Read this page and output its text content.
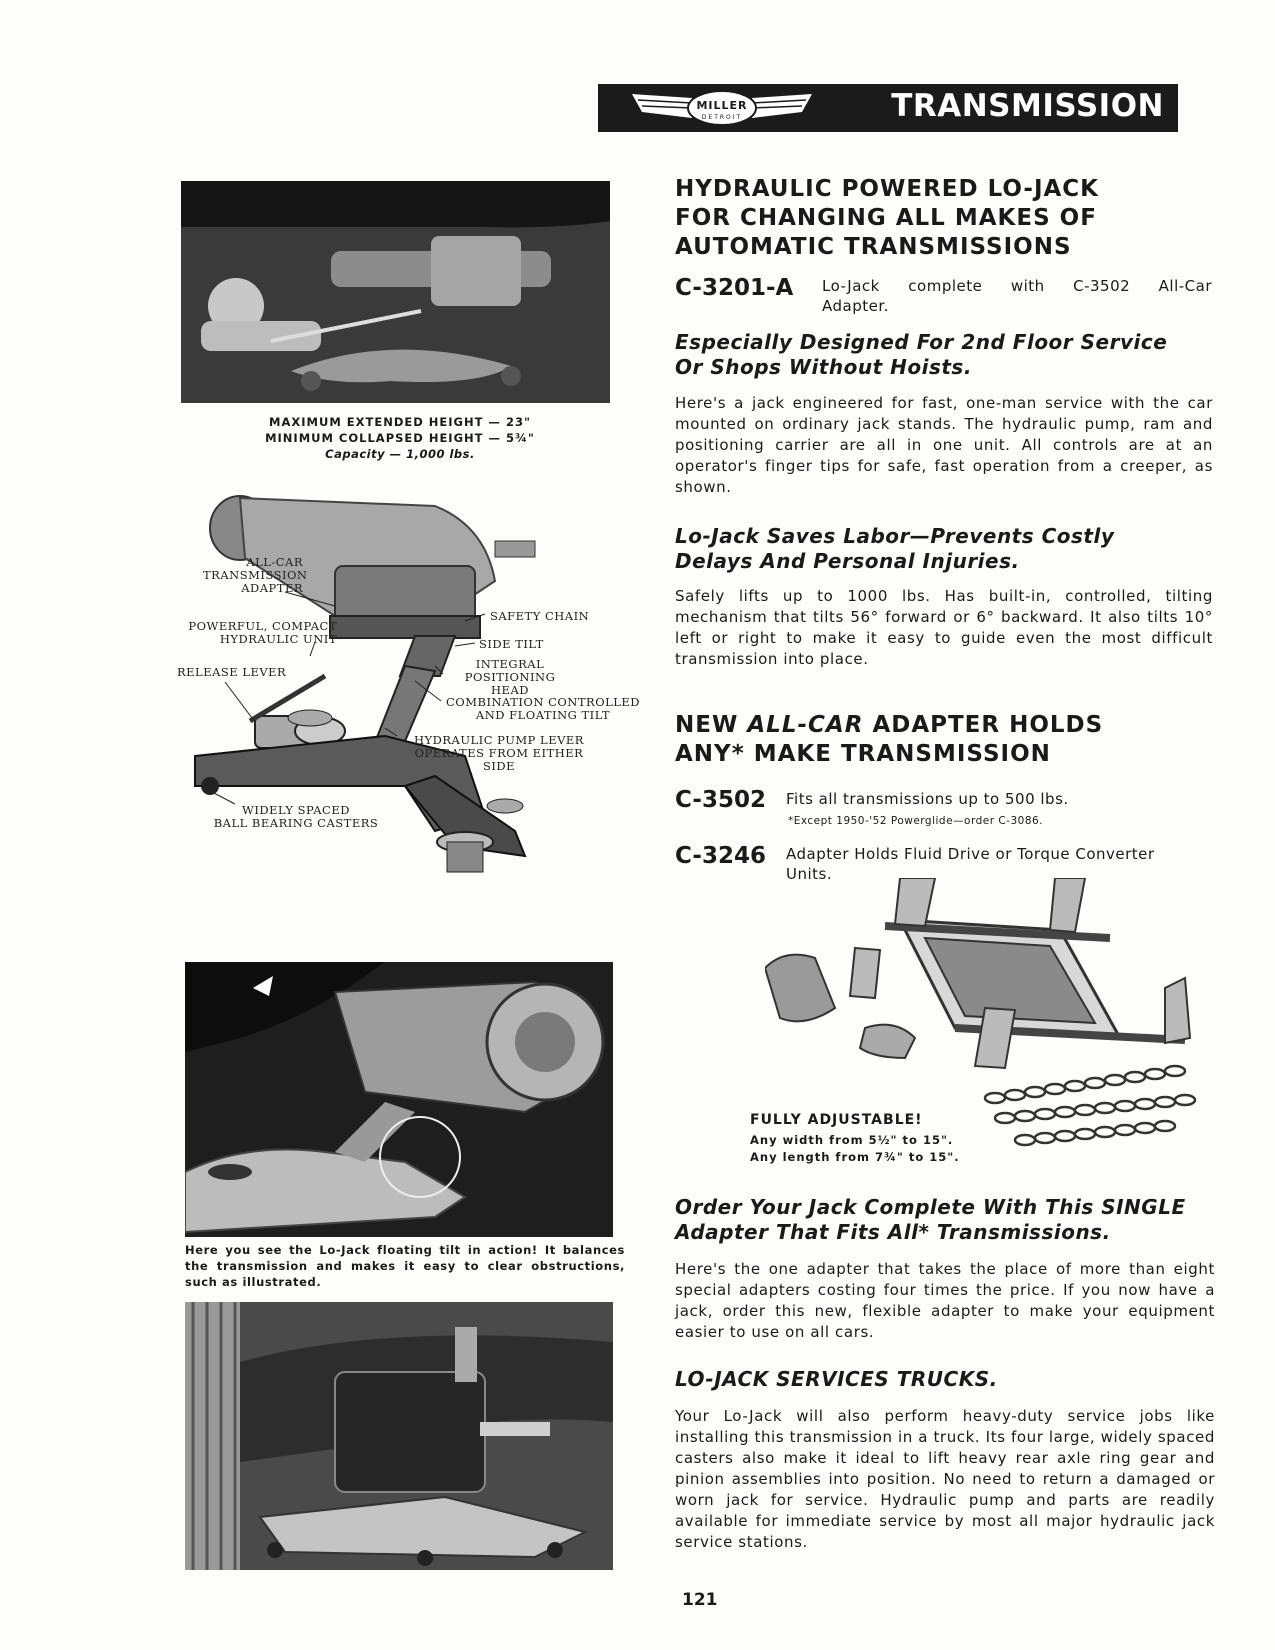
MILLER
DETROIT	TRANSMISSION
MAXIMUM EXTENDED HEIGHT — 23"
MINIMUM COLLAPSED HEIGHT — 5¾"
Capacity — 1,000 lbs.
ALL-CAR
TRANSMISSION
ADAPTER
POWERFUL, COMPACT
HYDRAULIC UNIT
RELEASE LEVER
WIDELY SPACED
BALL BEARING CASTERS
SAFETY CHAIN
SIDE TILT
INTEGRAL
POSITIONING HEAD
COMBINATION CONTROLLED
AND FLOATING TILT
HYDRAULIC PUMP LEVER
OPERATES FROM EITHER SIDE
Here you see the Lo-Jack floating tilt in action! It balances the transmission and makes it easy to clear obstructions, such as illustrated.
HYDRAULIC POWERED LO-JACK
FOR CHANGING ALL MAKES OF
AUTOMATIC TRANSMISSIONS
C-3201-A Lo-Jack complete with C-3502 All-Car
Adapter.
Especially Designed For 2nd Floor Service
Or Shops Without Hoists.

Here's a jack engineered for fast, one-man service with the car mounted on ordinary jack stands. The hydraulic pump, ram and positioning carrier are all in one unit. All controls are at an operator's finger tips for safe, fast operation from a creeper, as shown.

Lo-Jack Saves Labor—Prevents Costly
Delays And Personal Injuries.

Safely lifts up to 1000 lbs. Has built-in, controlled, tilting mechanism that tilts 56° forward or 6° backward. It also tilts 10° left or right to make it easy to guide even the most difficult transmission into place.

NEW ALL-CAR ADAPTER HOLDS
ANY* MAKE TRANSMISSION
C-3502 Fits all transmissions up to 500 lbs.
*Except 1950-'52 Powerglide—order C-3086.
C-3246 Adapter Holds Fluid Drive or Torque Converter
Units.
FULLY ADJUSTABLE!
Any width from 5½" to 15".
Any length from 7¾" to 15".
Order Your Jack Complete With This SINGLE
Adapter That Fits All* Transmissions.

Here's the one adapter that takes the place of more than eight special adapters costing four times the price. If you now have a jack, order this new, flexible adapter to make your equipment easier to use on all cars.

LO-JACK SERVICES TRUCKS.

Your Lo-Jack will also perform heavy-duty service jobs like installing this transmission in a truck. Its four large, widely spaced casters also make it ideal to lift heavy rear axle ring gear and pinion assemblies into position. No need to return a damaged or worn jack for service. Hydraulic pump and parts are readily available for immediate service by most all major hydraulic jack service stations.

121
